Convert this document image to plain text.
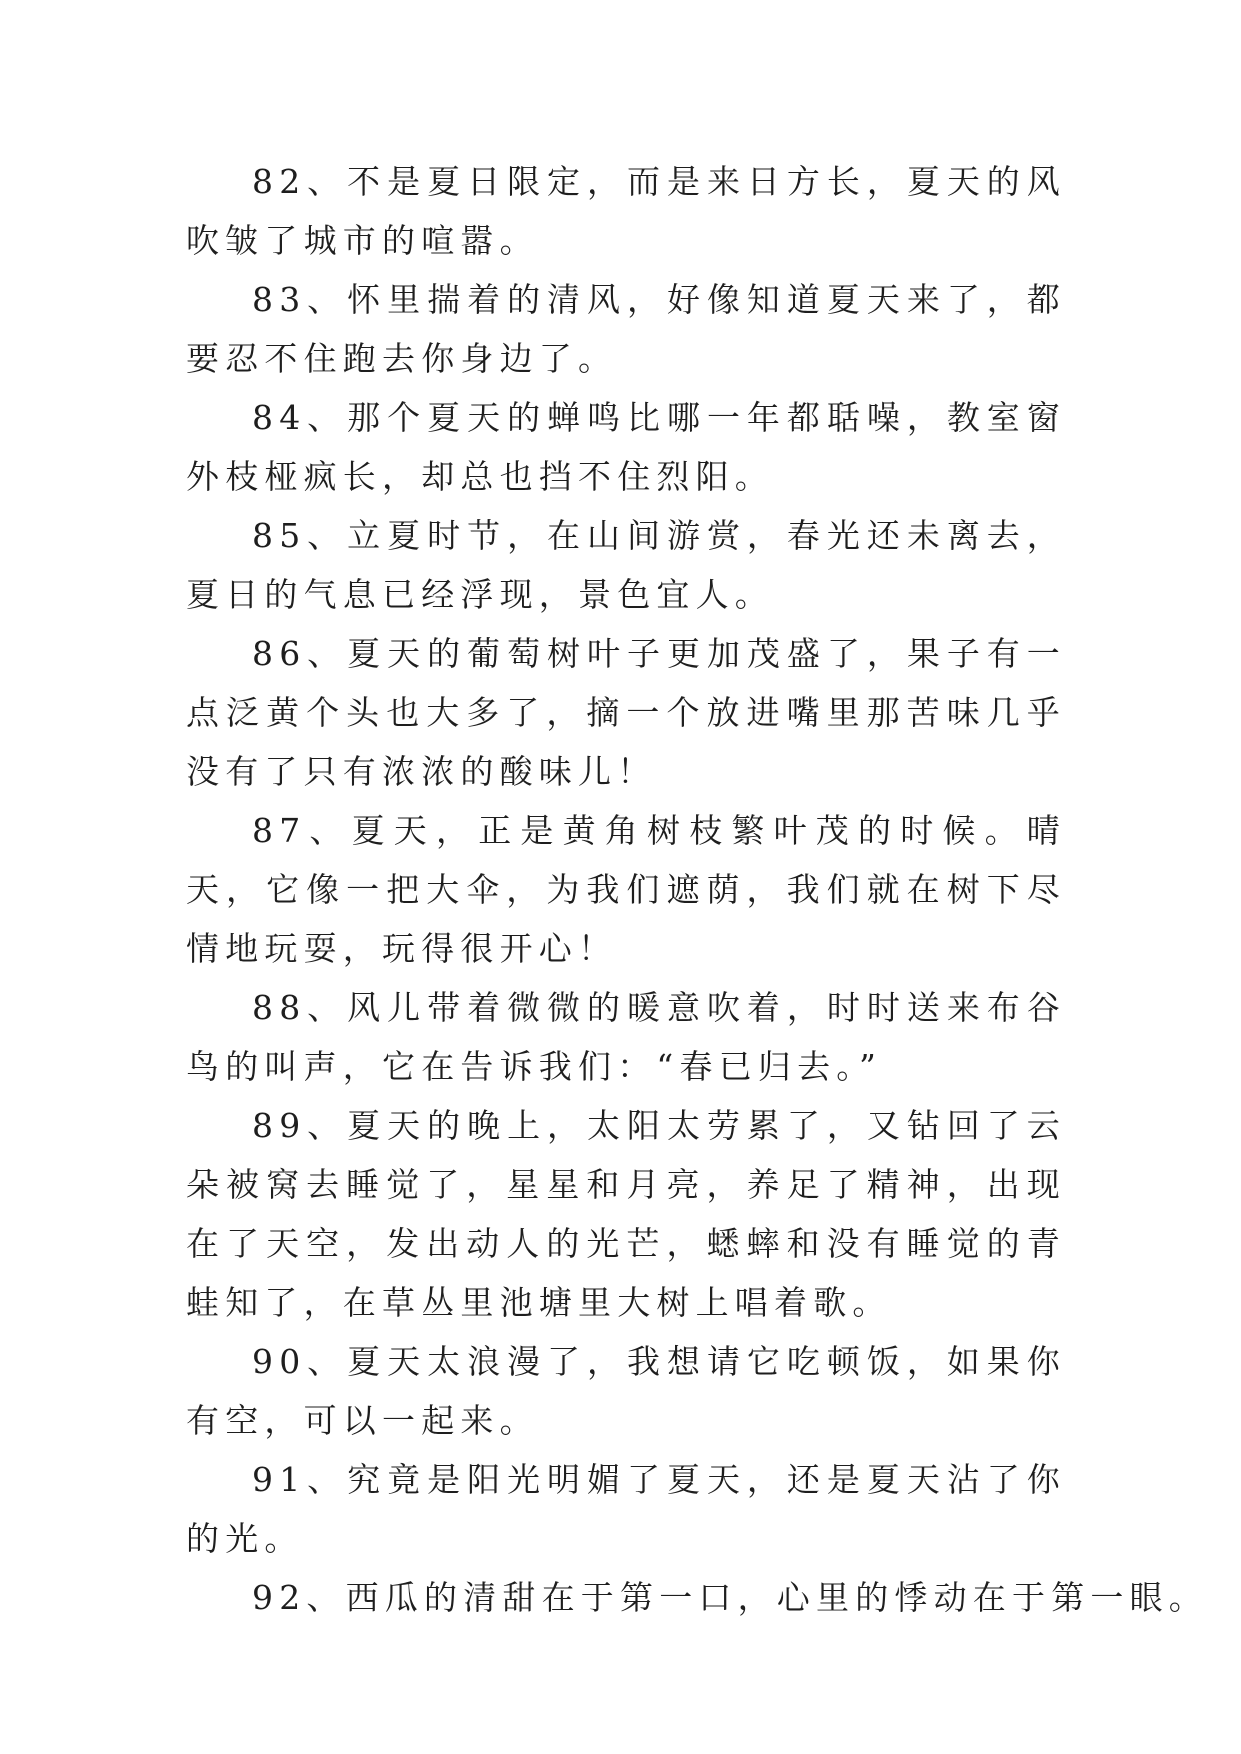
82、不是夏日限定，而是来日方长，夏天的风吹皱了城市的喧嚣。

83、怀里揣着的清风，好像知道夏天来了，都要忍不住跑去你身边了。

84、那个夏天的蝉鸣比哪一年都聒噪，教室窗外枝桠疯长，却总也挡不住烈阳。

85、立夏时节，在山间游赏，春光还未离去，夏日的气息已经浮现，景色宜人。

86、夏天的葡萄树叶子更加茂盛了，果子有一点泛黄个头也大多了，摘一个放进嘴里那苦味几乎没有了只有浓浓的酸味儿！

87、夏天，正是黄角树枝繁叶茂的时候。晴天，它像一把大伞，为我们遮荫，我们就在树下尽情地玩耍，玩得很开心！

88、风儿带着微微的暖意吹着，时时送来布谷鸟的叫声，它在告诉我们：“春已归去。”

89、夏天的晚上，太阳太劳累了，又钻回了云朵被窝去睡觉了，星星和月亮，养足了精神，出现在了天空，发出动人的光芒，蟋蟀和没有睡觉的青蛙知了，在草丛里池塘里大树上唱着歌。

90、夏天太浪漫了，我想请它吃顿饭，如果你有空，可以一起来。

91、究竟是阳光明媚了夏天，还是夏天沾了你的光。

92、西瓜的清甜在于第一口，心里的悸动在于第一眼。
